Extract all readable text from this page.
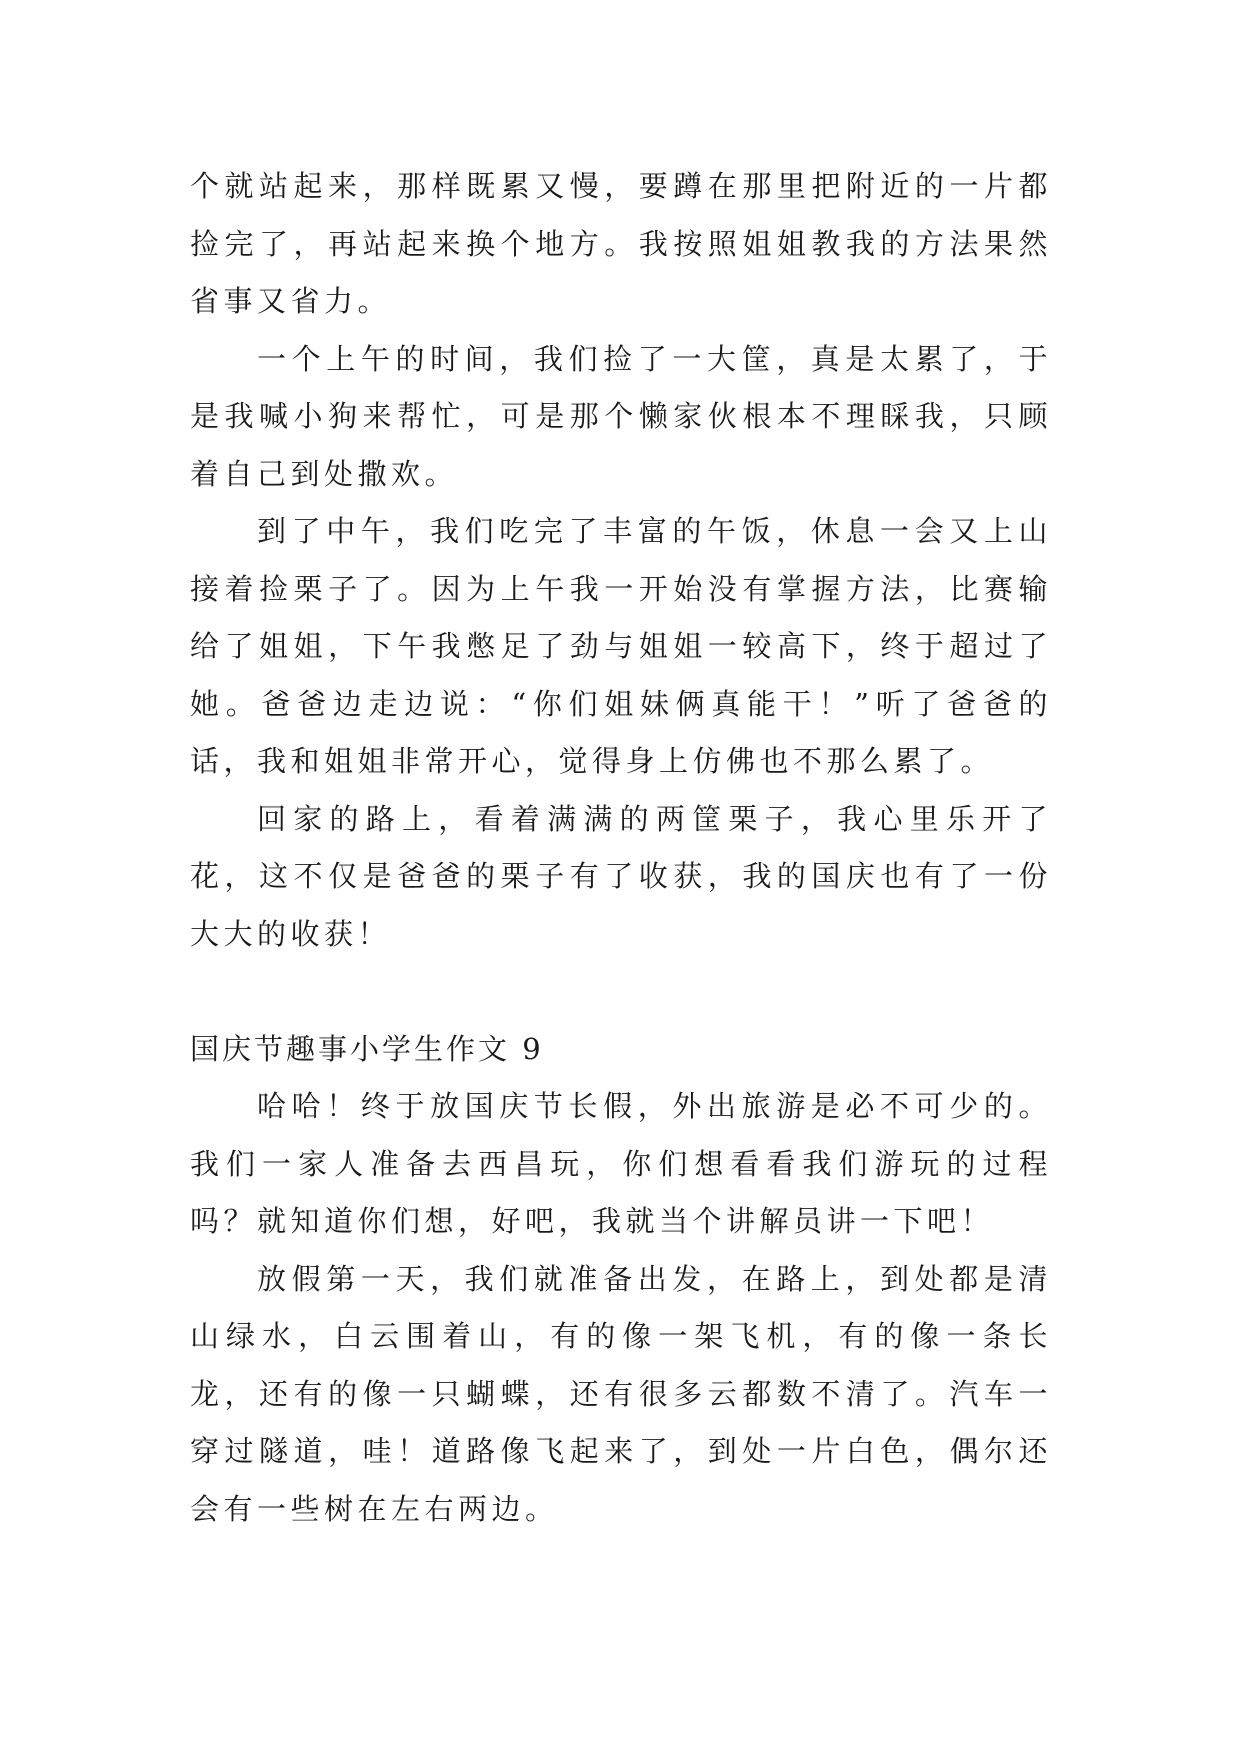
个就站起来，那样既累又慢，要蹲在那里把附近的一片都捡完了，再站起来换个地方。我按照姐姐教我的方法果然省事又省力。

一个上午的时间，我们捡了一大筐，真是太累了，于是我喊小狗来帮忙，可是那个懒家伙根本不理睬我，只顾着自己到处撒欢。

到了中午，我们吃完了丰富的午饭，休息一会又上山接着捡栗子了。因为上午我一开始没有掌握方法，比赛输给了姐姐，下午我憋足了劲与姐姐一较高下，终于超过了她。爸爸边走边说：“你们姐妹俩真能干！”听了爸爸的话，我和姐姐非常开心，觉得身上仿佛也不那么累了。

回家的路上，看着满满的两筐栗子，我心里乐开了花，这不仅是爸爸的栗子有了收获，我的国庆也有了一份大大的收获！

国庆节趣事小学生作文 9

哈哈！终于放国庆节长假，外出旅游是必不可少的。我们一家人准备去西昌玩，你们想看看我们游玩的过程吗？就知道你们想，好吧，我就当个讲解员讲一下吧！

放假第一天，我们就准备出发，在路上，到处都是清山绿水，白云围着山，有的像一架飞机，有的像一条长龙，还有的像一只蝴蝶，还有很多云都数不清了。汽车一穿过隧道，哇！道路像飞起来了，到处一片白色，偶尔还会有一些树在左右两边。
